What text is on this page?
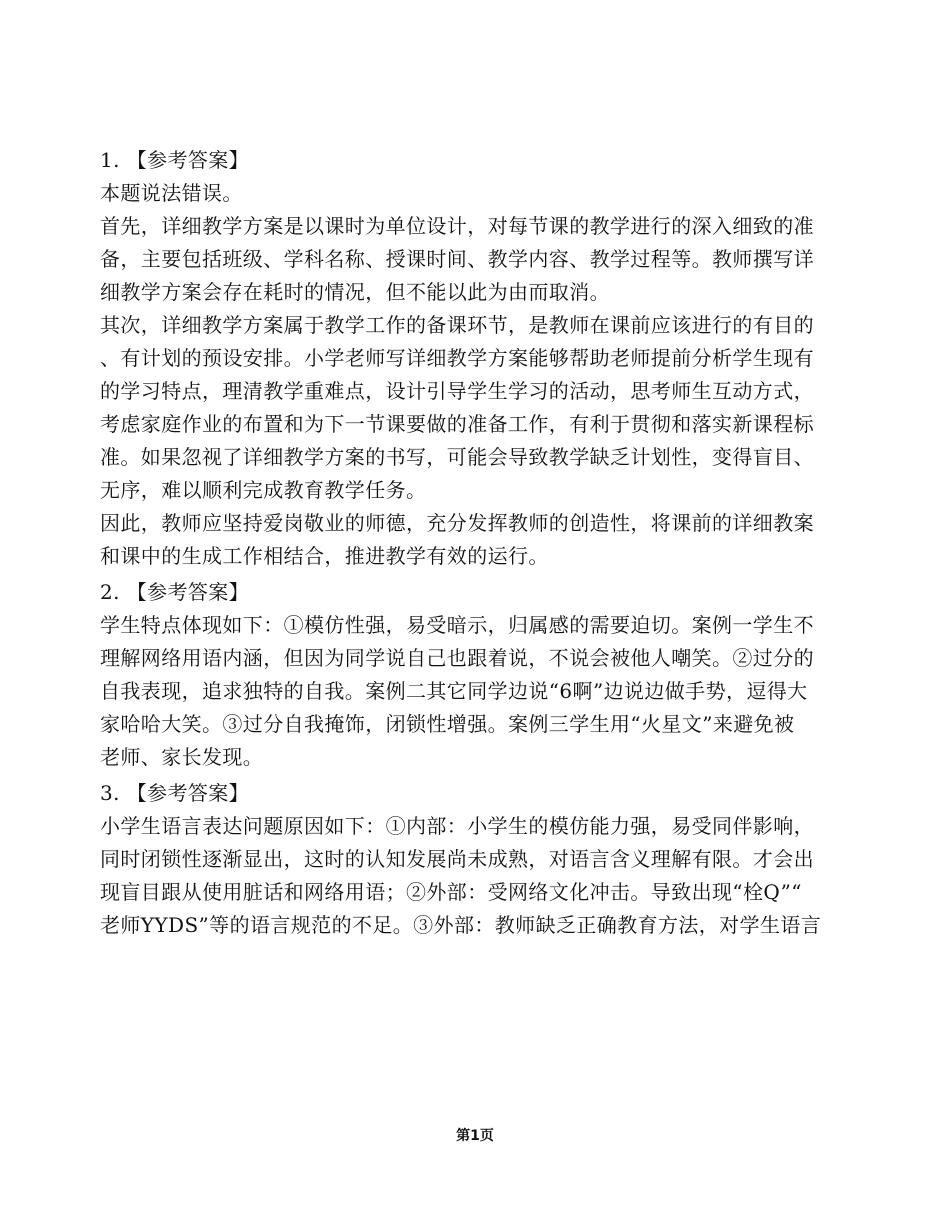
1. 【参考答案】
本题说法错误。
首先，详细教学方案是以课时为单位设计，对每节课的教学进行的深入细致的准
备，主要包括班级、学科名称、授课时间、教学内容、教学过程等。教师撰写详
细教学方案会存在耗时的情况，但不能以此为由而取消。
其次，详细教学方案属于教学工作的备课环节，是教师在课前应该进行的有目的
、有计划的预设安排。小学老师写详细教学方案能够帮助老师提前分析学生现有
的学习特点，理清教学重难点，设计引导学生学习的活动，思考师生互动方式，
考虑家庭作业的布置和为下一节课要做的准备工作，有利于贯彻和落实新课程标
准。如果忽视了详细教学方案的书写，可能会导致教学缺乏计划性，变得盲目、
无序，难以顺利完成教育教学任务。
因此，教师应坚持爱岗敬业的师德，充分发挥教师的创造性，将课前的详细教案
和课中的生成工作相结合，推进教学有效的运行。
2. 【参考答案】
学生特点体现如下：①模仿性强，易受暗示，归属感的需要迫切。案例一学生不
理解网络用语内涵，但因为同学说自己也跟着说，不说会被他人嘲笑。②过分的
自我表现，追求独特的自我。案例二其它同学边说“6啊”边说边做手势，逗得大
家哈哈大笑。③过分自我掩饰，闭锁性增强。案例三学生用“火星文”来避免被
老师、家长发现。
3. 【参考答案】
小学生语言表达问题原因如下：①内部：小学生的模仿能力强，易受同伴影响，
同时闭锁性逐渐显出，这时的认知发展尚未成熟，对语言含义理解有限。才会出
现盲目跟从使用脏话和网络用语；②外部：受网络文化冲击。导致出现“栓Q”“
老师YYDS”等的语言规范的不足。③外部：教师缺乏正确教育方法，对学生语言
第1页
